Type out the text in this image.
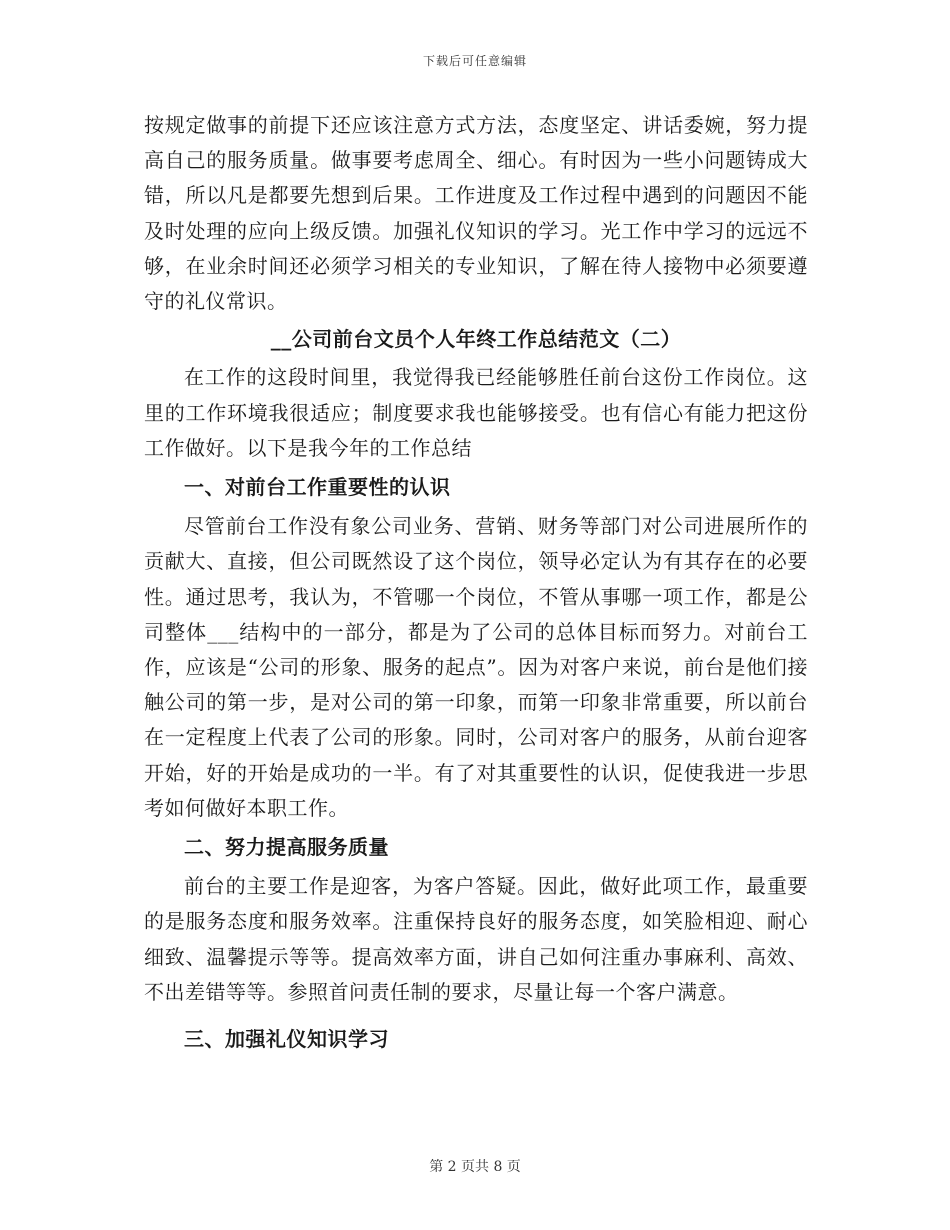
下载后可任意编辑

按规定做事的前提下还应该注意方式方法，态度坚定、讲话委婉，努力提高自己的服务质量。做事要考虑周全、细心。有时因为一些小问题铸成大错，所以凡是都要先想到后果。工作进度及工作过程中遇到的问题因不能及时处理的应向上级反馈。加强礼仪知识的学习。光工作中学习的远远不够，在业余时间还必须学习相关的专业知识，了解在待人接物中必须要遵守的礼仪常识。

__公司前台文员个人年终工作总结范文（二）

在工作的这段时间里，我觉得我已经能够胜任前台这份工作岗位。这里的工作环境我很适应；制度要求我也能够接受。也有信心有能力把这份工作做好。以下是我今年的工作总结

一、对前台工作重要性的认识

尽管前台工作没有象公司业务、营销、财务等部门对公司进展所作的贡献大、直接，但公司既然设了这个岗位，领导必定认为有其存在的必要性。通过思考，我认为，不管哪一个岗位，不管从事哪一项工作，都是公司整体___结构中的一部分，都是为了公司的总体目标而努力。对前台工作，应该是“公司的形象、服务的起点”。因为对客户来说，前台是他们接触公司的第一步，是对公司的第一印象，而第一印象非常重要，所以前台在一定程度上代表了公司的形象。同时，公司对客户的服务，从前台迎客开始，好的开始是成功的一半。有了对其重要性的认识，促使我进一步思考如何做好本职工作。

二、努力提高服务质量

前台的主要工作是迎客，为客户答疑。因此，做好此项工作，最重要的是服务态度和服务效率。注重保持良好的服务态度，如笑脸相迎、耐心细致、温馨提示等等。提高效率方面，讲自己如何注重办事麻利、高效、不出差错等等。参照首问责任制的要求，尽量让每一个客户满意。

三、加强礼仪知识学习

第 2 页共 8 页
